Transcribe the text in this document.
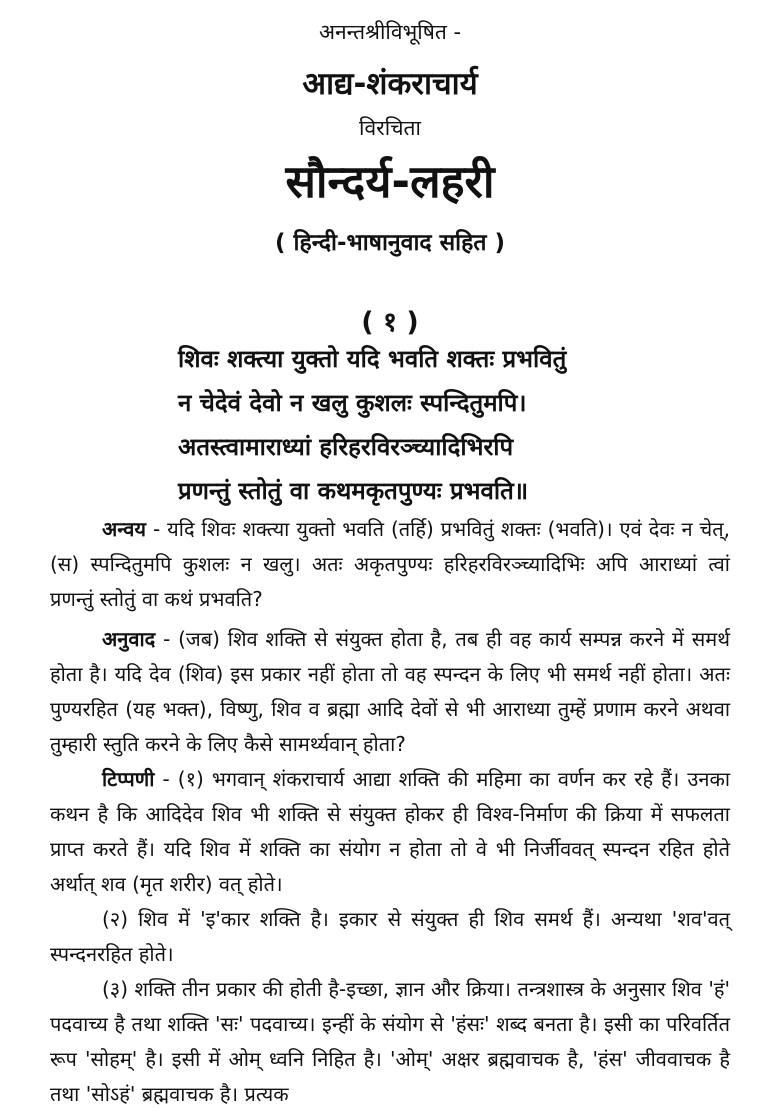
अनन्तश्रीविभूषित -
आद्य-शंकराचार्य
विरचिता
सौन्दर्य-लहरी
( हिन्दी-भाषानुवाद सहित )
( १ )
शिवः शक्त्या युक्तो यदि भवति शक्तः प्रभवितुं
न चेदेवं देवो न खलु कुशलः स्पन्दितुमपि।
अतस्त्वामाराध्यां हरिहरविरञ्च्यादिभिरपि
प्रणन्तुं स्तोतुं वा कथमकृतपुण्यः प्रभवति॥
अन्वय - यदि शिवः शक्त्या युक्तो भवति (तर्हि) प्रभवितुं शक्तः (भवति)। एवं देवः न चेत्, (स) स्पन्दितुमपि कुशलः न खलु। अतः अकृतपुण्यः हरिहरविरञ्च्यादिभिः अपि आराध्यां त्वां प्रणन्तुं स्तोतुं वा कथं प्रभवति?
अनुवाद - (जब) शिव शक्ति से संयुक्त होता है, तब ही वह कार्य सम्पन्न करने में समर्थ होता है। यदि देव (शिव) इस प्रकार नहीं होता तो वह स्पन्दन के लिए भी समर्थ नहीं होता। अतः पुण्यरहित (यह भक्त), विष्णु, शिव व ब्रह्मा आदि देवों से भी आराध्या तुम्हें प्रणाम करने अथवा तुम्हारी स्तुति करने के लिए कैसे सामर्थ्यवान् होता?
टिप्पणी - (१) भगवान् शंकराचार्य आद्या शक्ति की महिमा का वर्णन कर रहे हैं। उनका कथन है कि आदिदेव शिव भी शक्ति से संयुक्त होकर ही विश्व-निर्माण की क्रिया में सफलता प्राप्त करते हैं। यदि शिव में शक्ति का संयोग न होता तो वे भी निर्जीववत् स्पन्दन रहित होते अर्थात् शव (मृत शरीर) वत् होते।
(२) शिव में 'इ'कार शक्ति है। इकार से संयुक्त ही शिव समर्थ हैं। अन्यथा 'शव'वत् स्पन्दनरहित होते।
(३) शक्ति तीन प्रकार की होती है-इच्छा, ज्ञान और क्रिया। तन्त्रशास्त्र के अनुसार शिव 'हं' पदवाच्य है तथा शक्ति 'सः' पदवाच्य। इन्हीं के संयोग से 'हंसः' शब्द बनता है। इसी का परिवर्तित रूप 'सोहम्' है। इसी में ओम् ध्वनि निहित है। 'ओम्' अक्षर ब्रह्मवाचक है, 'हंस' जीववाचक है तथा 'सोऽहं' ब्रह्मवाचक है। प्रत्यक
